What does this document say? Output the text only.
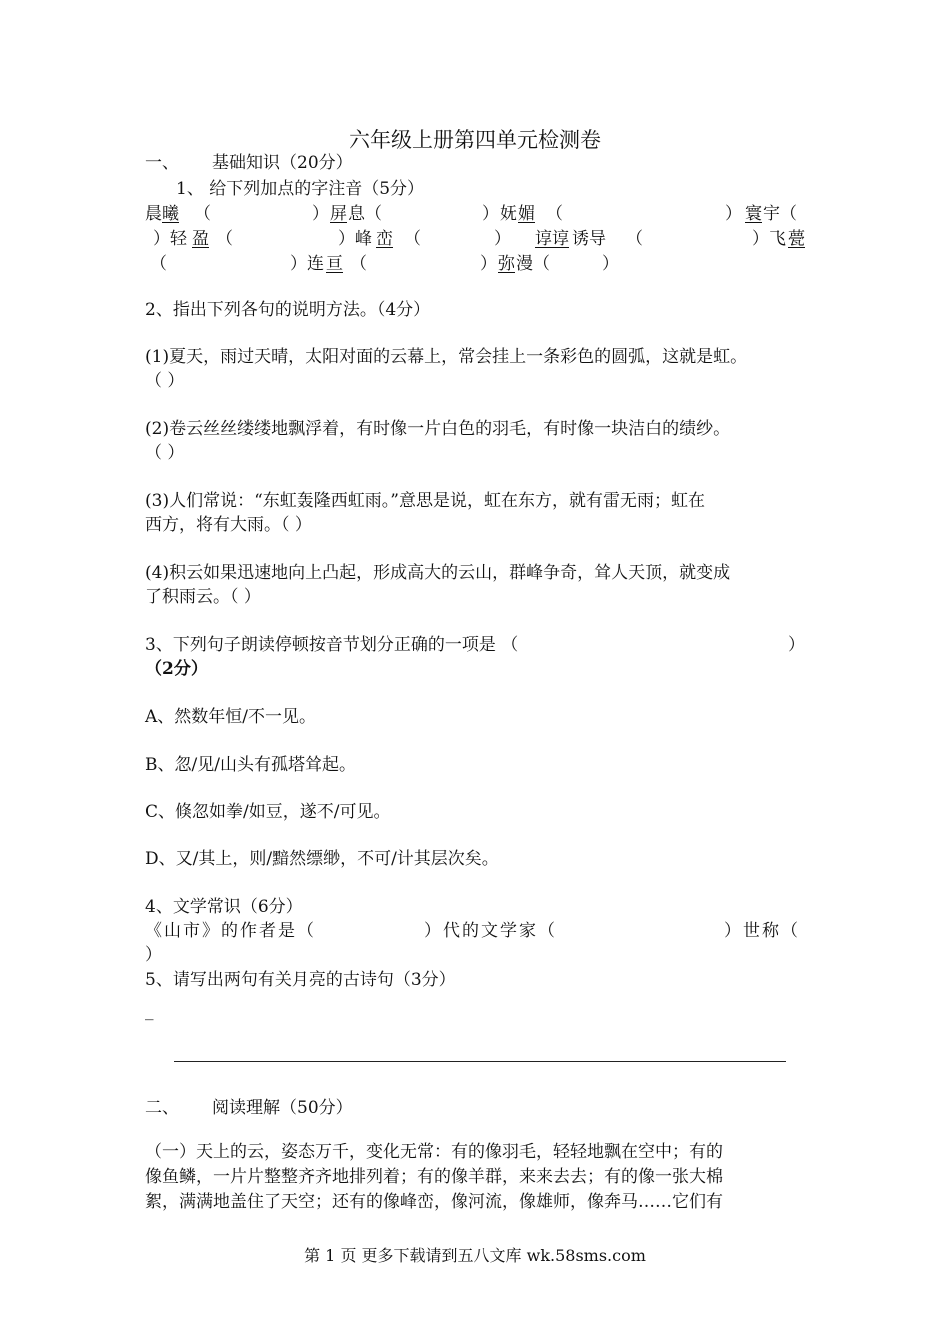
六年级上册第四单元检测卷
一、 基础知识（20分）
1、 给下列加点的字注音（5分）
晨 曦 （	） 屏 息（	） 妩 媚 （	） 寰 宇（
）轻 盈 （	）峰 峦 （	） 谆谆 诱导 （	）飞 甍
（	）连 亘 （	） 弥 漫（	）
2、指出下列各句的说明方法。（4分）
(1)夏天，雨过天晴，太阳对面的云幕上，常会挂上一条彩色的圆弧，这就是虹。
（ ）
(2)卷云丝丝缕缕地飘浮着，有时像一片白色的羽毛，有时像一块洁白的绩纱。
（ ）
(3)人们常说：“东虹轰隆西虹雨。”意思是说，虹在东方，就有雷无雨；虹在
西方，将有大雨。（ ）
(4)积云如果迅速地向上凸起，形成高大的云山，群峰争奇，耸人天顶，就变成
了积雨云。（ ）
3、下列句子朗读停顿按音节划分正确的一项是 （	）
（2分）
A、然数年恒/不一见。
B、忽/见/山头有孤塔耸起。
C、倏忽如拳/如豆，遂不/可见。
D、又/其上，则/黯然缥缈，不可/计其层次矣。
4、文学常识（6分）
《山市》的作者是（	）代的文学家（	）世称（
）
5、请写出两句有关月亮的古诗句（3分）
_
二、 阅读理解（50分）
（一）天上的云，姿态万千，变化无常：有的像羽毛，轻轻地飘在空中；有的
像鱼鳞，一片片整整齐齐地排列着；有的像羊群，来来去去；有的像一张大棉
絮，满满地盖住了天空；还有的像峰峦，像河流，像雄师，像奔马……它们有
第 1 页 更多下载请到五八文库 wk.58sms.com
